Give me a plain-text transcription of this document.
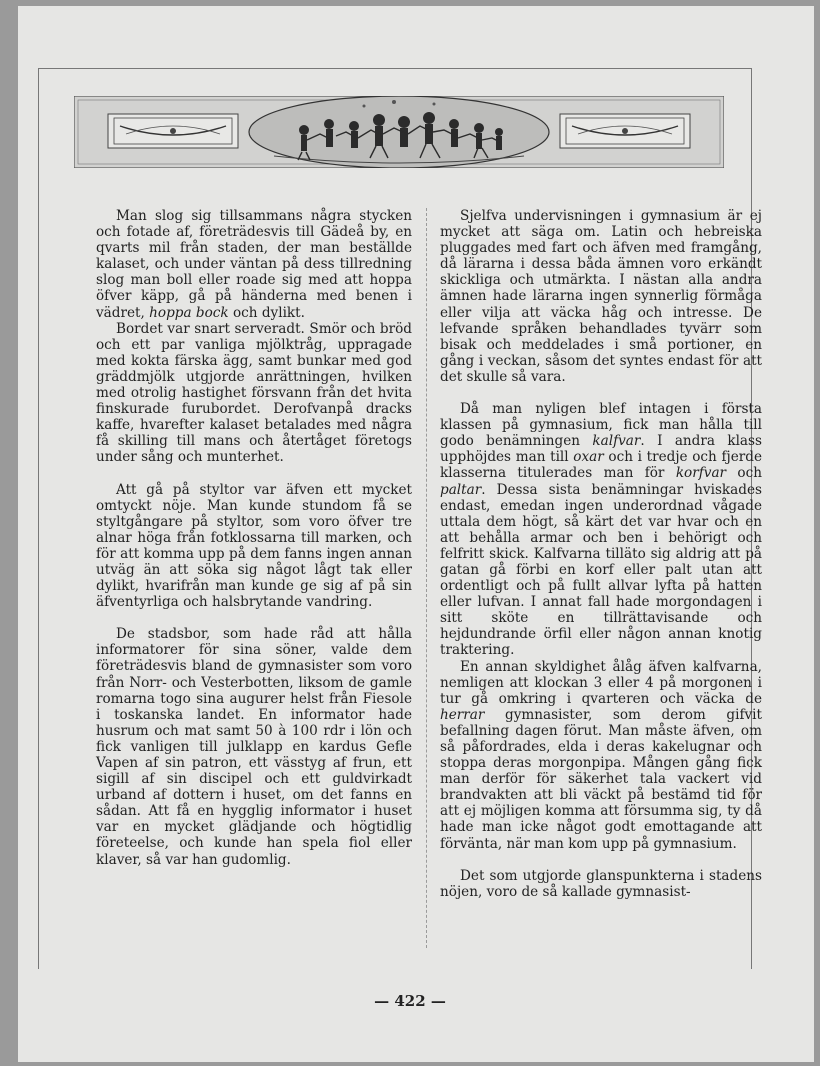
Man slog sig tillsammans några stycken och fotade af, företrädesvis till Gädeå by, en qvarts mil från staden, der man beställde kalaset, och under väntan på dess tillredning slog man boll eller roade sig med att hoppa öfver käpp, gå på händerna med benen i vädret, hoppa bock och dylikt.

Bordet var snart serveradt. Smör och bröd och ett par vanliga mjölktråg, uppragade med kokta färska ägg, samt bunkar med god gräddmjölk utgjorde anrättningen, hvilken med otrolig hastighet försvann från det hvita finskurade furubordet. Derofvanpå dracks kaffe, hvarefter kalaset betalades med några få skilling till mans och återtåget företogs under sång och munterhet.

Att gå på styltor var äfven ett mycket omtyckt nöje. Man kunde stundom få se styltgångare på styltor, som voro öfver tre alnar höga från fotklossarna till marken, och för att komma upp på dem fanns ingen annan utväg än att söka sig något lågt tak eller dylikt, hvarifrån man kunde ge sig af på sin äfventyrliga och halsbrytande vandring.

De stadsbor, som hade råd att hålla informatorer för sina söner, valde dem företrädesvis bland de gymnasister som voro från Norr- och Vesterbotten, liksom de gamle romarna togo sina augurer helst från Fiesole i toskanska landet. En informator hade husrum och mat samt 50 à 100 rdr i lön och fick vanligen till julklapp en kardus Gefle Vapen af sin patron, ett vässtyg af frun, ett sigill af sin discipel och ett guldvirkadt urband af dottern i huset, om det fanns en sådan. Att få en hygglig informator i huset var en mycket glädjande och högtidlig företeelse, och kunde han spela fiol eller klaver, så var han gudomlig.

Sjelfva undervisningen i gymnasium är ej mycket att säga om. Latin och hebreiska pluggades med fart och äfven med framgång, då lärarna i dessa båda ämnen voro erkändt skickliga och utmärkta. I nästan alla andra ämnen hade lärarna ingen synnerlig förmåga eller vilja att väcka håg och intresse. De lefvande språken behandlades tyvärr som bisak och meddelades i små portioner, en gång i veckan, såsom det syntes endast för att det skulle så vara.

Då man nyligen blef intagen i första klassen på gymnasium, fick man hålla till godo benämningen kalfvar. I andra klass upphöjdes man till oxar och i tredje och fjerde klasserna titulerades man för korfvar och paltar. Dessa sista benämningar hviskades endast, emedan ingen underordnad vågade uttala dem högt, så kärt det var hvar och en att behålla armar och ben i behörigt och felfritt skick. Kalfvarna tilläto sig aldrig att på gatan gå förbi en korf eller palt utan att ordentligt och på fullt allvar lyfta på hatten eller lufvan. I annat fall hade morgondagen i sitt sköte en tillrättavisande och hejdundrande örfil eller någon annan knotig traktering.

En annan skyldighet ålåg äfven kalfvarna, nemligen att klockan 3 eller 4 på morgonen i tur gå omkring i qvarteren och väcka de herrar gymnasister, som derom gifvit befallning dagen förut. Man måste äfven, om så påfordrades, elda i deras kakelugnar och stoppa deras morgonpipa. Mången gång fick man derför för säkerhet tala vackert vid brandvakten att bli väckt på bestämd tid för att ej möjligen komma att försumma sig, ty då hade man icke något godt emottagande att förvänta, när man kom upp på gymnasium.

Det som utgjorde glanspunkterna i stadens nöjen, voro de så kallade gymnasist-

— 422 —
